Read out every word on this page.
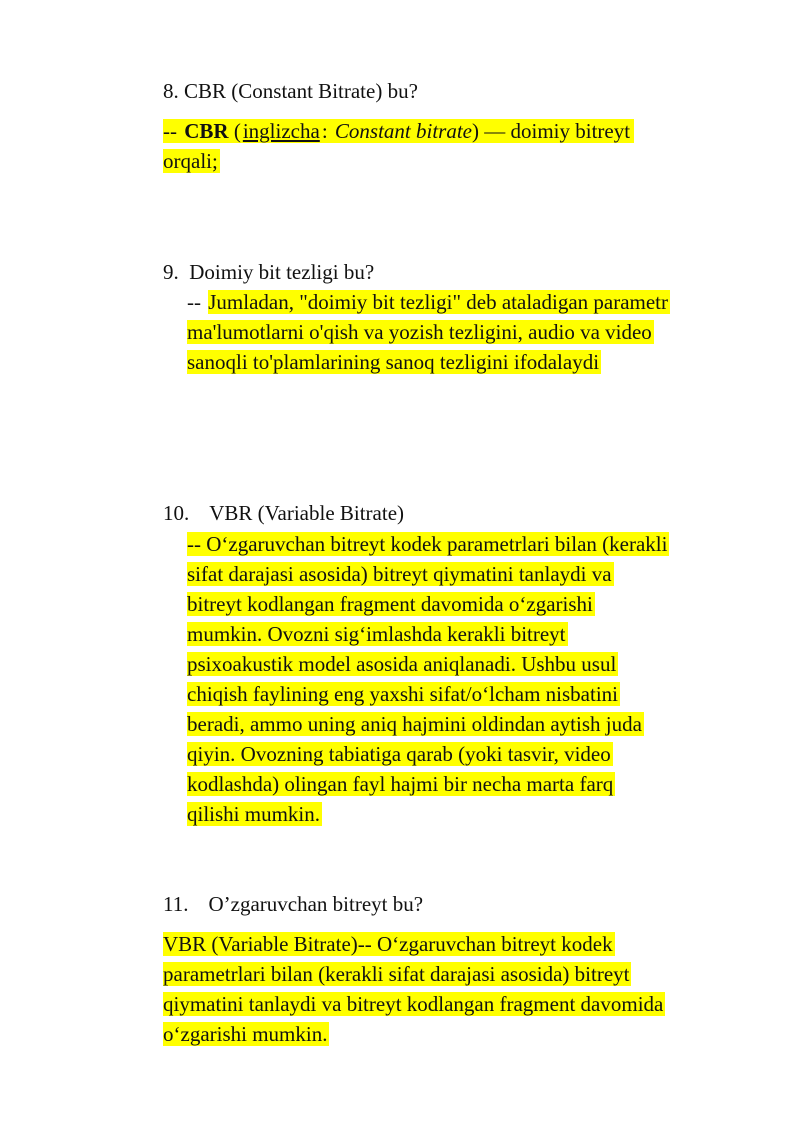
8. CBR (Constant Bitrate) bu?
-- CBR (inglizcha: Constant bitrate) — doimiy bitreyt
orqali;
9. Doimiy bit tezligi bu?
-- Jumladan, "doimiy bit tezligi" deb ataladigan parametr
ma'lumotlarni o'qish va yozish tezligini, audio va video
sanoqli to'plamlarining sanoq tezligini ifodalaydi
10. VBR (Variable Bitrate)
-- O‘zgaruvchan bitreyt kodek parametrlari bilan (kerakli
sifat darajasi asosida) bitreyt qiymatini tanlaydi va
bitreyt kodlangan fragment davomida o‘zgarishi
mumkin. Ovozni sig‘imlashda kerakli bitreyt
psixoakustik model asosida aniqlanadi. Ushbu usul
chiqish faylining eng yaxshi sifat/o‘lcham nisbatini
beradi, ammo uning aniq hajmini oldindan aytish juda
qiyin. Ovozning tabiatiga qarab (yoki tasvir, video
kodlashda) olingan fayl hajmi bir necha marta farq
qilishi mumkin.
11. O’zgaruvchan bitreyt bu?
VBR (Variable Bitrate)-- O‘zgaruvchan bitreyt kodek
parametrlari bilan (kerakli sifat darajasi asosida) bitreyt
qiymatini tanlaydi va bitreyt kodlangan fragment davomida
o‘zgarishi mumkin.
